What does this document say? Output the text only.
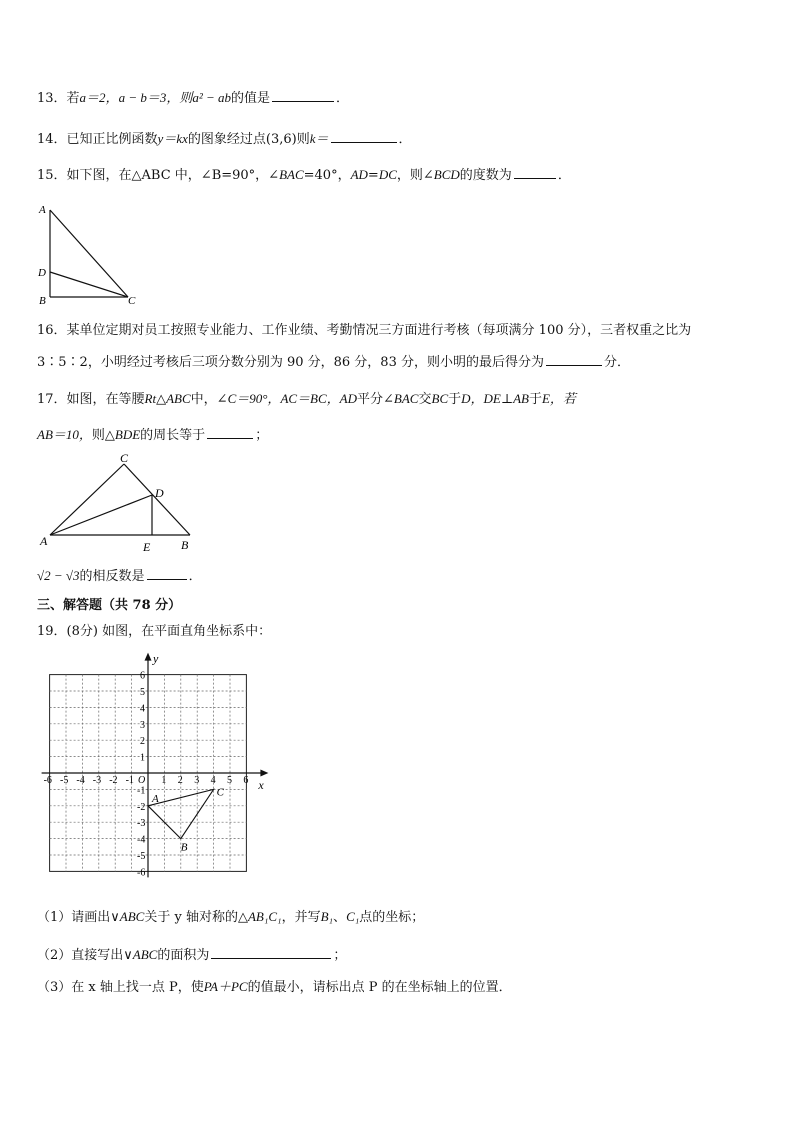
13．若a＝2，a − b＝3，则a² − ab的值是	．
14．已知正比例函数y＝kx的图象经过点(3,6)则k＝	．
15．如下图，在△ABC 中，∠B=90°，∠BAC=40°，AD=DC，则∠BCD的度数为	．
A
D
B	C
16．某单位定期对员工按照专业能力、工作业绩、考勤情况三方面进行考核（每项满分 100 分），三者权重之比为
3∶5∶2，小明经过考核后三项分数分别为 90 分，86 分，83 分，则小明的最后得分为	分．
17．如图，在等腰Rt△ABC中，∠C＝90°，AC＝BC，AD平分∠BAC交BC于D，DE⊥AB于E，若
AB＝10，则△BDE的周长等于	；
C
D
A	E	B
√2 − √3的相反数是	．
三、解答题（共 78 分）
19．(8分) 如图，在平面直角坐标系中：
x
y
O
-6 -5 -4 -3 -2 -1	1 2 3 4 5 6
6
5
4
3
2
1
-1
-2
-3
-4
-5
-6
A
B
C
（1）请画出∨ABC关于 y 轴对称的△AB₁C₁，并写B₁、C₁点的坐标；
（2）直接写出∨ABC的面积为	；
（3）在 x 轴上找一点 P，使PA＋PC的值最小，请标出点 P 的在坐标轴上的位置．
